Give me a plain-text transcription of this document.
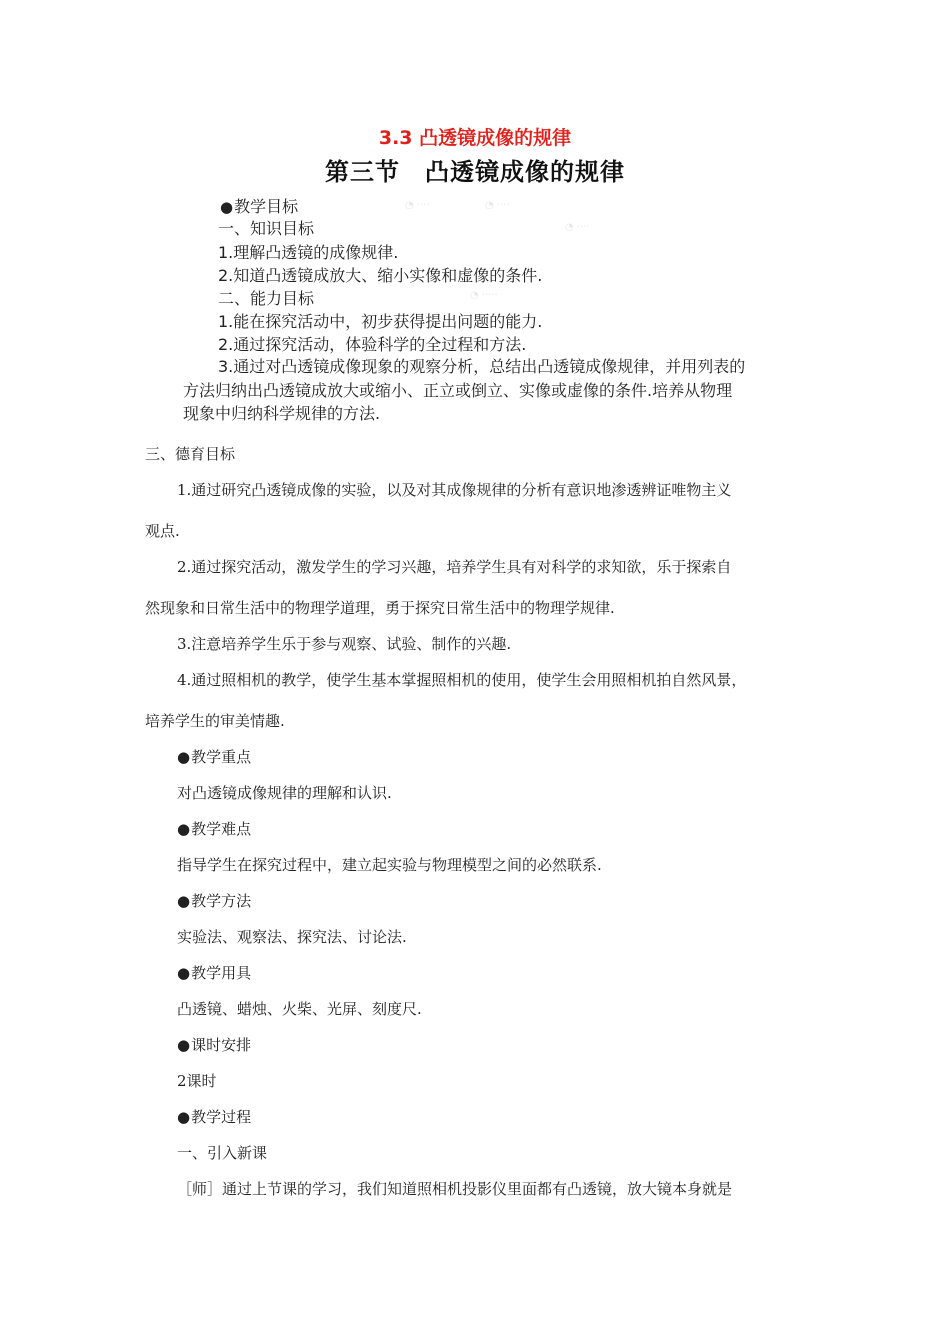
3.3 凸透镜成像的规律
第三节　凸透镜成像的规律
◔ ····	◔ ····
◔ ····
◔ ·····
● 教学目标
一、知识目标
1.理解凸透镜的成像规律.
2.知道凸透镜成放大、缩小实像和虚像的条件.
二、能力目标
1.能在探究活动中，初步获得提出问题的能力.
2.通过探究活动，体验科学的全过程和方法.
3.通过对凸透镜成像现象的观察分析，总结出凸透镜成像规律，并用列表的
方法归纳出凸透镜成放大或缩小、正立或倒立、实像或虚像的条件.培养从物理
现象中归纳科学规律的方法.
三、德育目标
1.通过研究凸透镜成像的实验，以及对其成像规律的分析有意识地渗透辨证唯物主义
观点.
2.通过探究活动，激发学生的学习兴趣，培养学生具有对科学的求知欲，乐于探索自
然现象和日常生活中的物理学道理，勇于探究日常生活中的物理学规律.
3.注意培养学生乐于参与观察、试验、制作的兴趣.
4.通过照相机的教学，使学生基本掌握照相机的使用，使学生会用照相机拍自然风景，
培养学生的审美情趣.
● 教学重点
对凸透镜成像规律的理解和认识.
● 教学难点
指导学生在探究过程中，建立起实验与物理模型之间的必然联系.
● 教学方法
实验法、观察法、探究法、讨论法.
● 教学用具
凸透镜、蜡烛、火柴、光屏、刻度尺.
● 课时安排
2课时
● 教学过程
一、引入新课
［师］通过上节课的学习，我们知道照相机投影仪里面都有凸透镜，放大镜本身就是
